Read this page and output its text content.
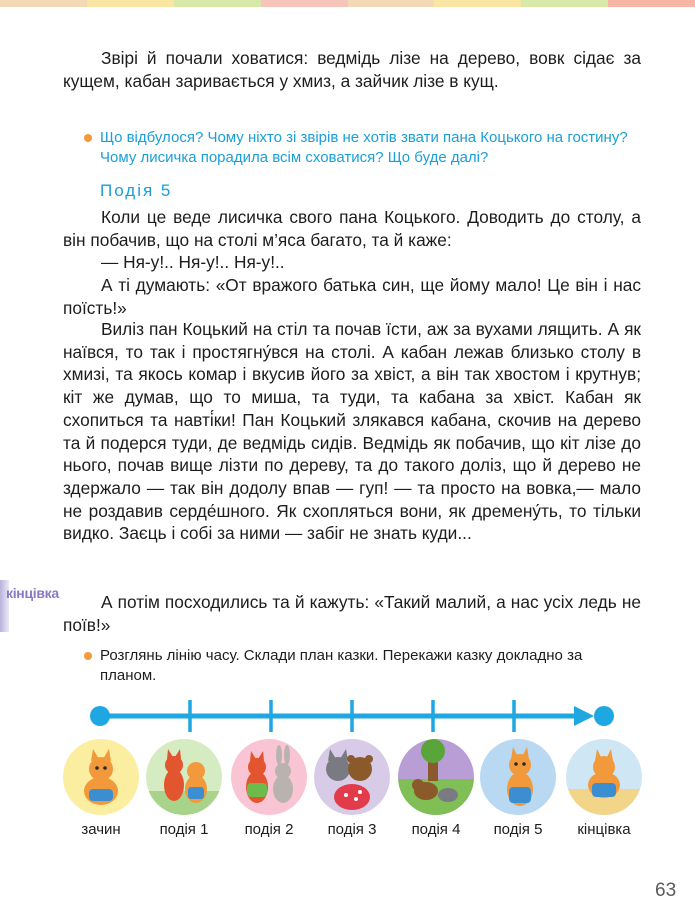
Звірі й почали ховатися: ведмідь лізе на дерево, вовк сідає за кущем, кабан заривається у хмиз, а зайчик лізе в кущ.

Що відбулося? Чому ніхто зі звірів не хотів звати пана Коцького на гостину? Чому лисичка порадила всім сховатися? Що буде далі?

Подія 5

Коли це веде лисичка свого пана Коцького. Доводить до столу, а він побачив, що на столі м’яса багато, та й каже:

— Ня-у!.. Ня-у!.. Ня-у!..

А ті думають: «От вражого батька син, ще йому мало! Це він і нас поїсть!»

Виліз пан Коцький на стіл та почав їсти, аж за вухами лящить. А як наївся, то так і простягну́вся на столі. А кабан лежав близько столу в хмизі, та якось комар і вкусив його за хвіст, а він так хвостом і крутнув; кіт же думав, що то миша, та туди, та кабана за хвіст. Кабан як схопиться та навті́ки! Пан Коцький злякався кабана, скочив на дерево та й подерся туди, де ведмідь сидів. Ведмідь як побачив, що кіт лізе до нього, почав вище лізти по дереву, та до такого доліз, що й дерево не здержало — так він додолу впав — гуп! — та просто на вовка,— мало не роздавив серде́шного. Як схопляться вони, як дремену́ть, то тільки видко. Заєць і собі за ними — забіг не знать куди...

кінцівка	А потім посходились та й кажуть: «Такий малий, а нас усіх ледь не поїв!»

Розглянь лінію часу. Склади план казки. Перекажи казку докладно за планом.

зачин	подія 1	подія 2	подія 3	подія 4	подія 5	кінцівка
63
